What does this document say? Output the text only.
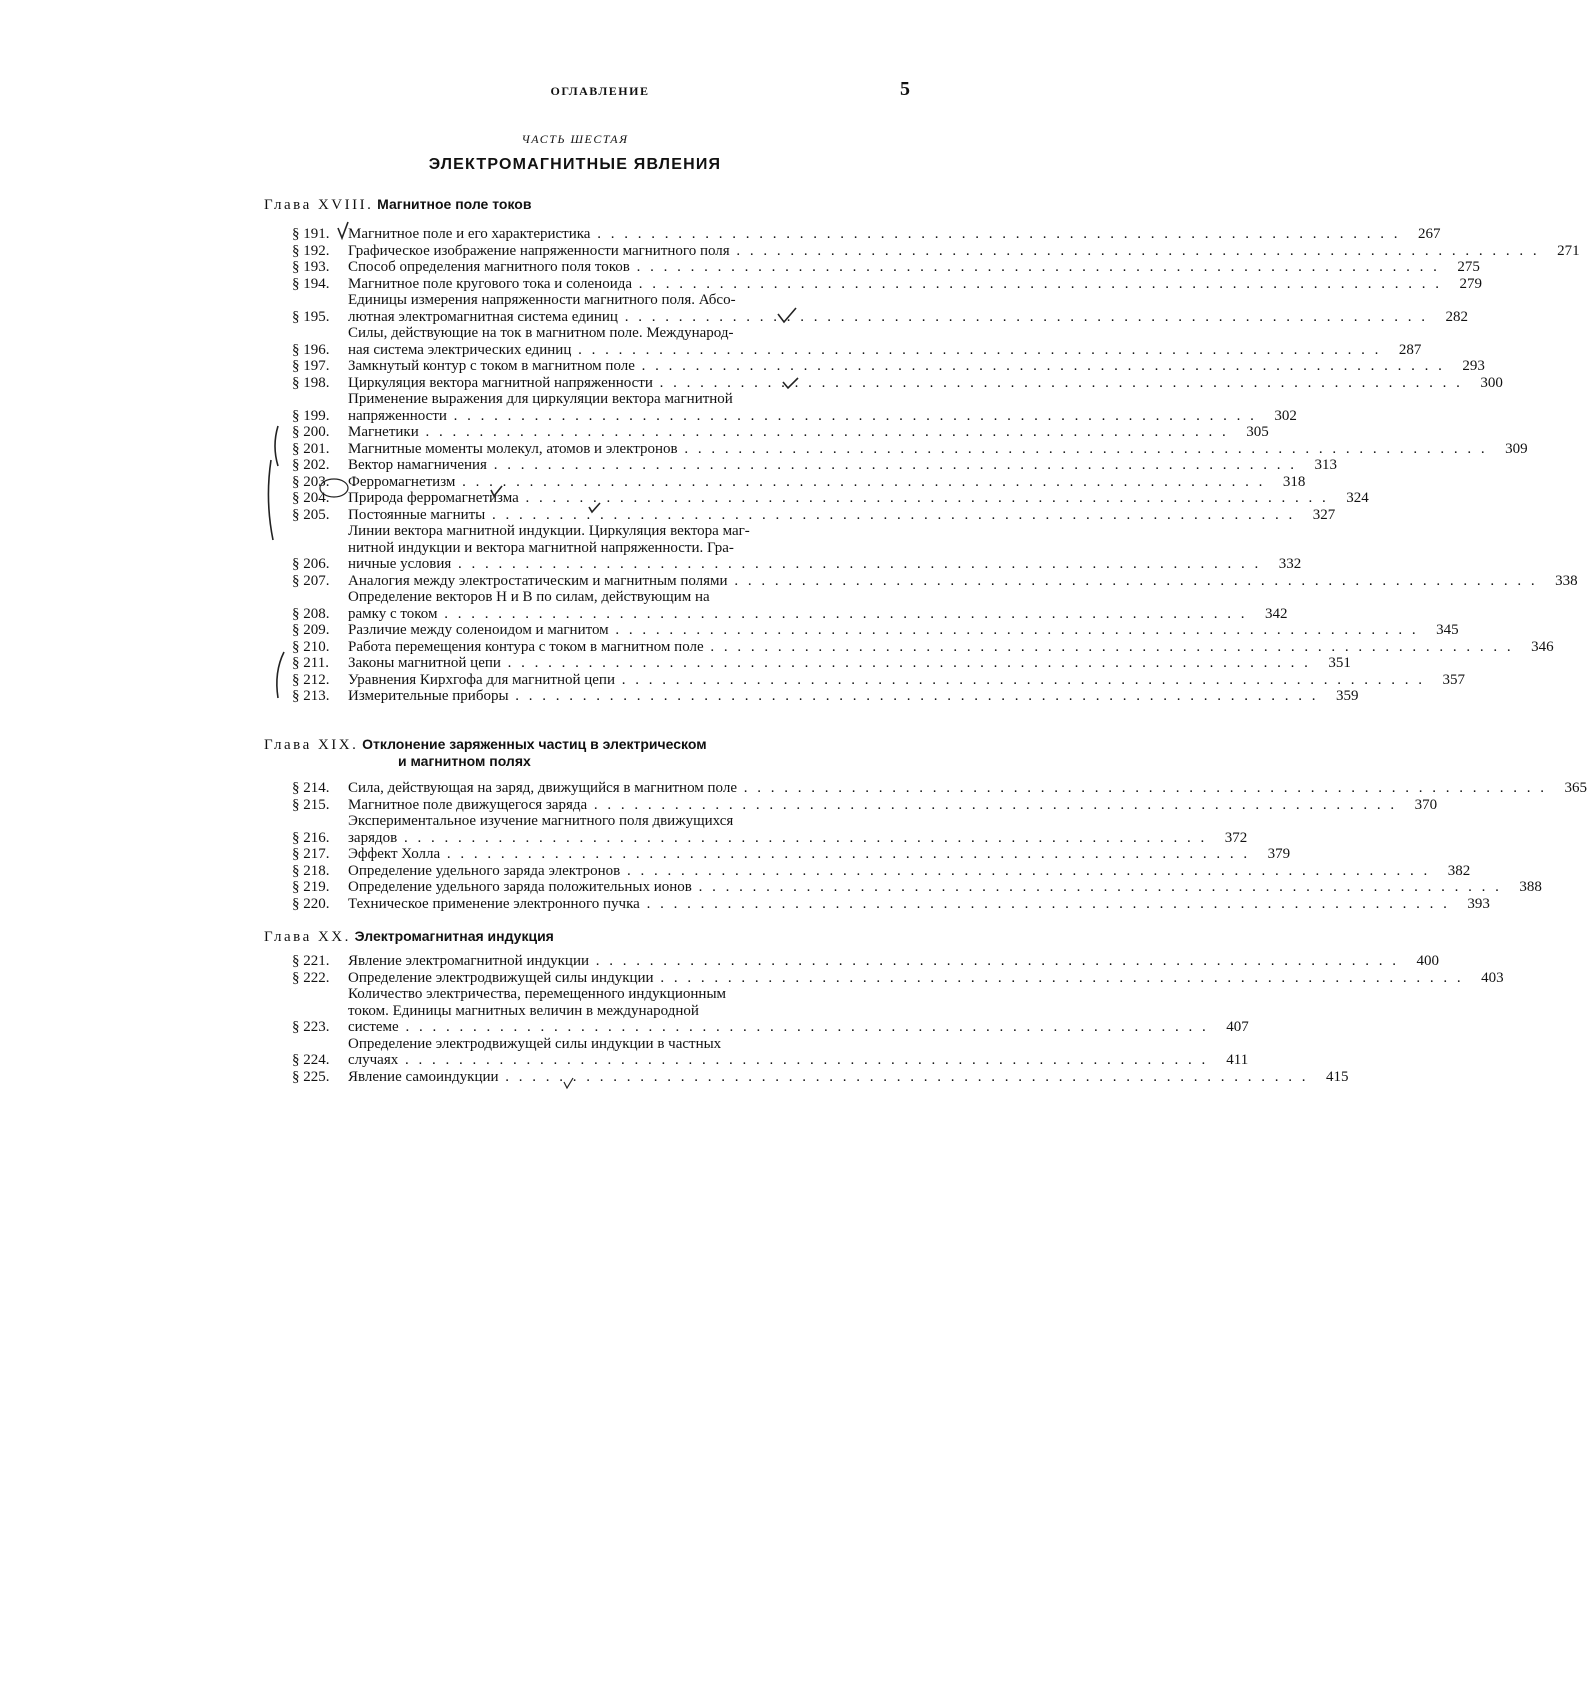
ОГЛАВЛЕНИЕ	5
ЧАСТЬ ШЕСТАЯ
ЭЛЕКТРОМАГНИТНЫЕ ЯВЛЕНИЯ
Глава XVIII. Магнитное поле токов
§ 191.	Магнитное поле и его характеристика . . . . . . . . . . . . . . . . . . . . . . . . . . . . . . . . . . . . . . . . . . . . . . . . . . . . . . . . . . . .	267
§ 192.	Графическое изображение напряженности магнитного поля . . . . . . . . . . . . . . . . . . . . . . . . . . . . . . . . . . . . . . . . . . . . . . . . . . . . . . . . . . . .	271
§ 193.	Способ определения магнитного поля токов . . . . . . . . . . . . . . . . . . . . . . . . . . . . . . . . . . . . . . . . . . . . . . . . . . . . . . . . . . . .	275
§ 194.	Магнитное поле кругового тока и соленоида . . . . . . . . . . . . . . . . . . . . . . . . . . . . . . . . . . . . . . . . . . . . . . . . . . . . . . . . . . . .	279
§ 195.
Единицы измерения напряженности магнитного поля. Абсо-
лютная электромагнитная система единиц . . . . . . . . . . . . . . . . . . . . . . . . . . . . . . . . . . . . . . . . . . . . . . . . . . . . . . . . . . . .	282
§ 196.
Силы, действующие на ток в магнитном поле. Международ-
ная система электрических единиц . . . . . . . . . . . . . . . . . . . . . . . . . . . . . . . . . . . . . . . . . . . . . . . . . . . . . . . . . . . .	287
§ 197.	Замкнутый контур с током в магнитном поле . . . . . . . . . . . . . . . . . . . . . . . . . . . . . . . . . . . . . . . . . . . . . . . . . . . . . . . . . . . .	293
§ 198.	Циркуляция вектора магнитной напряженности . . . . . . . . . . . . . . . . . . . . . . . . . . . . . . . . . . . . . . . . . . . . . . . . . . . . . . . . . . . .	300
§ 199.
Применение выражения для циркуляции вектора магнитной
напряженности . . . . . . . . . . . . . . . . . . . . . . . . . . . . . . . . . . . . . . . . . . . . . . . . . . . . . . . . . . . .	302
§ 200.	Магнетики . . . . . . . . . . . . . . . . . . . . . . . . . . . . . . . . . . . . . . . . . . . . . . . . . . . . . . . . . . . .	305
§ 201.	Магнитные моменты молекул, атомов и электронов . . . . . . . . . . . . . . . . . . . . . . . . . . . . . . . . . . . . . . . . . . . . . . . . . . . . . . . . . . . .	309
§ 202.	Вектор намагничения . . . . . . . . . . . . . . . . . . . . . . . . . . . . . . . . . . . . . . . . . . . . . . . . . . . . . . . . . . . .	313
§ 203.	Ферромагнетизм . . . . . . . . . . . . . . . . . . . . . . . . . . . . . . . . . . . . . . . . . . . . . . . . . . . . . . . . . . . .	318
§ 204.	Природа ферромагнетизма . . . . . . . . . . . . . . . . . . . . . . . . . . . . . . . . . . . . . . . . . . . . . . . . . . . . . . . . . . . .	324
§ 205.	Постоянные магниты . . . . . . . . . . . . . . . . . . . . . . . . . . . . . . . . . . . . . . . . . . . . . . . . . . . . . . . . . . . .	327
§ 206.
Линии вектора магнитной индукции. Циркуляция вектора маг-
нитной индукции и вектора магнитной напряженности. Гра-
ничные условия . . . . . . . . . . . . . . . . . . . . . . . . . . . . . . . . . . . . . . . . . . . . . . . . . . . . . . . . . . . .	332
§ 207.	Аналогия между электростатическим и магнитным полями . . . . . . . . . . . . . . . . . . . . . . . . . . . . . . . . . . . . . . . . . . . . . . . . . . . . . . . . . . . .	338
§ 208.
Определение векторов H и B по силам, действующим на
рамку с током . . . . . . . . . . . . . . . . . . . . . . . . . . . . . . . . . . . . . . . . . . . . . . . . . . . . . . . . . . . .	342
§ 209.	Различие между соленоидом и магнитом . . . . . . . . . . . . . . . . . . . . . . . . . . . . . . . . . . . . . . . . . . . . . . . . . . . . . . . . . . . .	345
§ 210.	Работа перемещения контура с током в магнитном поле . . . . . . . . . . . . . . . . . . . . . . . . . . . . . . . . . . . . . . . . . . . . . . . . . . . . . . . . . . . .	346
§ 211.	Законы магнитной цепи . . . . . . . . . . . . . . . . . . . . . . . . . . . . . . . . . . . . . . . . . . . . . . . . . . . . . . . . . . . .	351
§ 212.	Уравнения Кирхгофа для магнитной цепи . . . . . . . . . . . . . . . . . . . . . . . . . . . . . . . . . . . . . . . . . . . . . . . . . . . . . . . . . . . .	357
§ 213.	Измерительные приборы . . . . . . . . . . . . . . . . . . . . . . . . . . . . . . . . . . . . . . . . . . . . . . . . . . . . . . . . . . . .	359
Глава XIX. Отклонение заряженных частиц в электрическом
и магнитном полях
§ 214.	Сила, действующая на заряд, движущийся в магнитном поле . . . . . . . . . . . . . . . . . . . . . . . . . . . . . . . . . . . . . . . . . . . . . . . . . . . . . . . . . . . .	365
§ 215.	Магнитное поле движущегося заряда . . . . . . . . . . . . . . . . . . . . . . . . . . . . . . . . . . . . . . . . . . . . . . . . . . . . . . . . . . . .	370
§ 216.
Экспериментальное изучение магнитного поля движущихся
зарядов . . . . . . . . . . . . . . . . . . . . . . . . . . . . . . . . . . . . . . . . . . . . . . . . . . . . . . . . . . . .	372
§ 217.	Эффект Холла . . . . . . . . . . . . . . . . . . . . . . . . . . . . . . . . . . . . . . . . . . . . . . . . . . . . . . . . . . . .	379
§ 218.	Определение удельного заряда электронов . . . . . . . . . . . . . . . . . . . . . . . . . . . . . . . . . . . . . . . . . . . . . . . . . . . . . . . . . . . .	382
§ 219.	Определение удельного заряда положительных ионов . . . . . . . . . . . . . . . . . . . . . . . . . . . . . . . . . . . . . . . . . . . . . . . . . . . . . . . . . . . .	388
§ 220.	Техническое применение электронного пучка . . . . . . . . . . . . . . . . . . . . . . . . . . . . . . . . . . . . . . . . . . . . . . . . . . . . . . . . . . . .	393
Глава XX. Электромагнитная индукция
§ 221.	Явление электромагнитной индукции . . . . . . . . . . . . . . . . . . . . . . . . . . . . . . . . . . . . . . . . . . . . . . . . . . . . . . . . . . . .	400
§ 222.	Определение электродвижущей силы индукции . . . . . . . . . . . . . . . . . . . . . . . . . . . . . . . . . . . . . . . . . . . . . . . . . . . . . . . . . . . .	403
§ 223.
Количество электричества, перемещенного индукционным
током. Единицы магнитных величин в международной
системе . . . . . . . . . . . . . . . . . . . . . . . . . . . . . . . . . . . . . . . . . . . . . . . . . . . . . . . . . . . .	407
§ 224.
Определение электродвижущей силы индукции в частных
случаях . . . . . . . . . . . . . . . . . . . . . . . . . . . . . . . . . . . . . . . . . . . . . . . . . . . . . . . . . . . .	411
§ 225.	Явление самоиндукции . . . . . . . . . . . . . . . . . . . . . . . . . . . . . . . . . . . . . . . . . . . . . . . . . . . . . . . . . . . .	415
